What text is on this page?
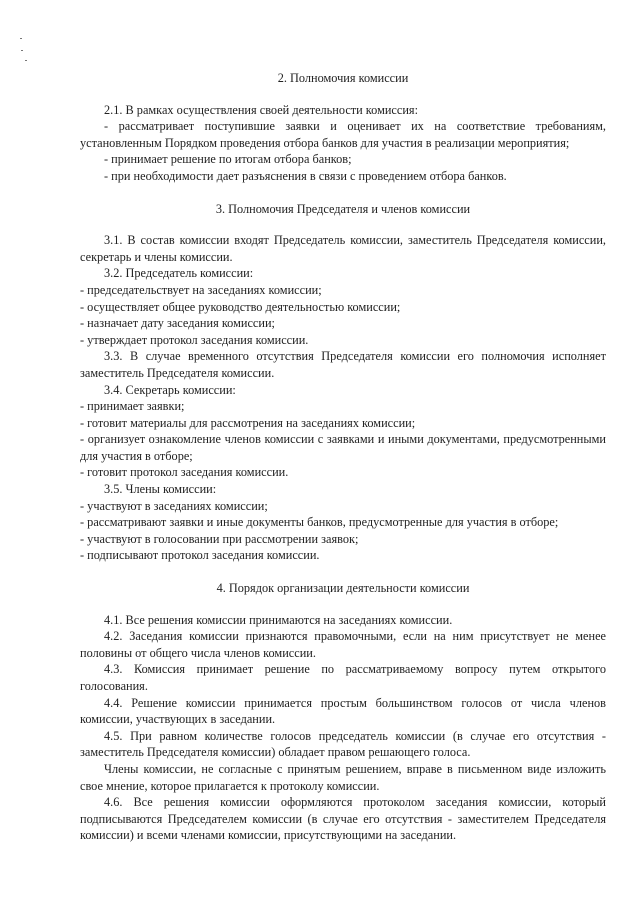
2. Полномочия комиссии

2.1. В рамках осуществления своей деятельности комиссия:

- рассматривает поступившие заявки и оценивает их на соответствие требованиям, установленным Порядком проведения отбора банков для участия в реализации мероприятия;

- принимает решение по итогам отбора банков;

- при необходимости дает разъяснения в связи с проведением отбора банков.

3. Полномочия Председателя и членов комиссии

3.1. В состав комиссии входят Председатель комиссии, заместитель Председателя комиссии, секретарь и члены комиссии.

3.2. Председатель комиссии:

- председательствует на заседаниях комиссии;

- осуществляет общее руководство деятельностью комиссии;

- назначает дату заседания комиссии;

- утверждает протокол заседания комиссии.

3.3. В случае временного отсутствия Председателя комиссии его полномочия исполняет заместитель Председателя комиссии.

3.4. Секретарь комиссии:

- принимает заявки;

- готовит материалы для рассмотрения на заседаниях комиссии;

- организует ознакомление членов комиссии с заявками и иными документами, предусмотренными для участия в отборе;

- готовит протокол заседания комиссии.

3.5. Члены комиссии:

- участвуют в заседаниях комиссии;

- рассматривают заявки и иные документы банков, предусмотренные для участия в отборе;

- участвуют в голосовании при рассмотрении заявок;

- подписывают протокол заседания комиссии.

4. Порядок организации деятельности комиссии

4.1. Все решения комиссии принимаются на заседаниях комиссии.

4.2. Заседания комиссии признаются правомочными, если на ним присутствует не менее половины от общего числа членов комиссии.

4.3. Комиссия принимает решение по рассматриваемому вопросу путем открытого голосования.

4.4. Решение комиссии принимается простым большинством голосов от числа членов комиссии, участвующих в заседании.

4.5. При равном количестве голосов председатель комиссии (в случае его отсутствия - заместитель Председателя комиссии) обладает правом решающего голоса.

Члены комиссии, не согласные с принятым решением, вправе в письменном виде изложить свое мнение, которое прилагается к протоколу комиссии.

4.6. Все решения комиссии оформляются протоколом заседания комиссии, который подписываются Председателем комиссии (в случае его отсутствия - заместителем Председателя комиссии) и всеми членами комиссии, присутствующими на заседании.
